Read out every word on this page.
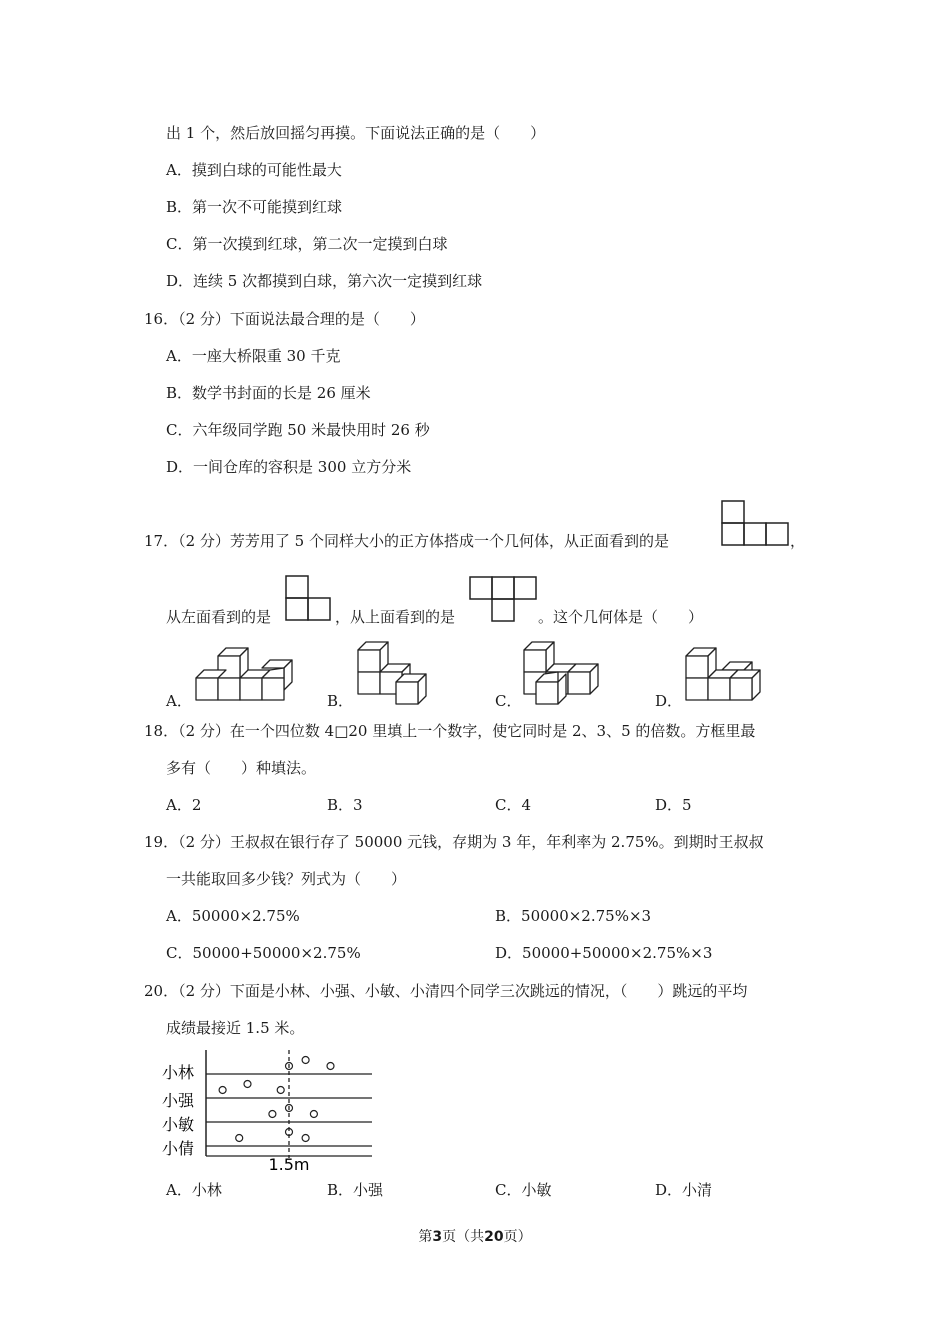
出 1 个，然后放回摇匀再摸。下面说法正确的是（　　）
A．摸到白球的可能性最大
B．第一次不可能摸到红球
C．第一次摸到红球，第二次一定摸到白球
D．连续 5 次都摸到白球，第六次一定摸到红球
16．（2 分）下面说法最合理的是（　　）
A．一座大桥限重 30 千克
B．数学书封面的长是 26 厘米
C．六年级同学跑 50 米最快用时 26 秒
D．一间仓库的容积是 300 立方分米
17．（2 分）芳芳用了 5 个同样大小的正方体搭成一个几何体，从正面看到的是	，
从左面看到的是	，从上面看到的是	。这个几何体是（　　）
A．	B．	C．	D．
18．（2 分）在一个四位数 4□20 里填上一个数字，使它同时是 2、3、5 的倍数。方框里最
多有（　　）种填法。
A．2	B．3	C．4	D．5
19．（2 分）王叔叔在银行存了 50000 元钱，存期为 3 年，年利率为 2.75%。到期时王叔叔
一共能取回多少钱？列式为（　　）
A．50000×2.75%	B．50000×2.75%×3
C．50000+50000×2.75%	D．50000+50000×2.75%×3
20．（2 分）下面是小林、小强、小敏、小清四个同学三次跳远的情况，（　　）跳远的平均
成绩最接近 1.5 米。
小林
小强
小敏
小倩
1.5m
A．小林	B．小强	C．小敏	D．小清
第3页（共20页）
